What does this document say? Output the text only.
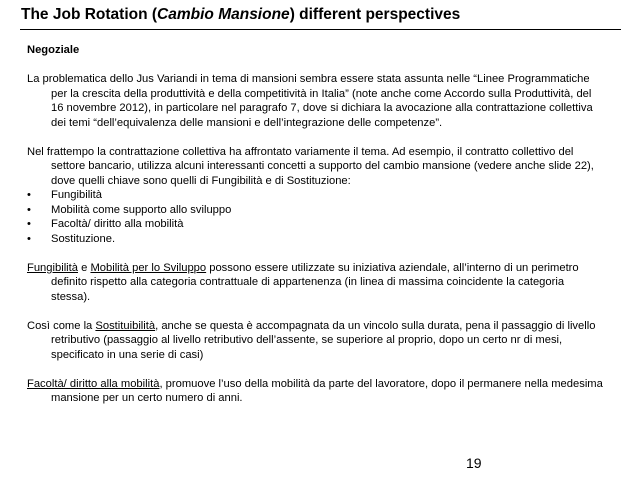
The Job Rotation (Cambio Mansione) different perspectives
Negoziale
La problematica dello Jus Variandi in tema di mansioni sembra essere stata assunta nelle “Linee Programmatiche per la crescita della produttività e della competitività in Italia” (note anche come Accordo sulla Produttività, del 16 novembre 2012), in particolare nel paragrafo 7, dove si dichiara la avocazione alla contrattazione collettiva dei temi “dell’equivalenza delle mansioni e dell’integrazione delle competenze”.
Nel frattempo la contrattazione collettiva ha affrontato variamente il tema. Ad esempio, il contratto collettivo del settore bancario, utilizza alcuni interessanti concetti a supporto del cambio mansione (vedere anche slide 22), dove quelli chiave sono quelli di Fungibilità e di Sostituzione:
• Fungibilità
• Mobilità come supporto allo sviluppo
• Facoltà/ diritto alla mobilità
• Sostituzione.
Fungibilità e Mobilità per lo Sviluppo possono essere utilizzate su iniziativa aziendale, all’interno di un perimetro definito rispetto alla categoria contrattuale di appartenenza (in linea di massima coincidente la categoria stessa).
Così come la Sostituibilità, anche se questa è accompagnata da un vincolo sulla durata, pena il passaggio di livello retributivo (passaggio al livello retributivo dell’assente, se superiore al proprio, dopo un certo nr di mesi, specificato in una serie di casi)
Facoltà/ diritto alla mobilità, promuove l’uso della mobilità da parte del lavoratore, dopo il permanere nella medesima mansione per un certo numero di anni.

19
